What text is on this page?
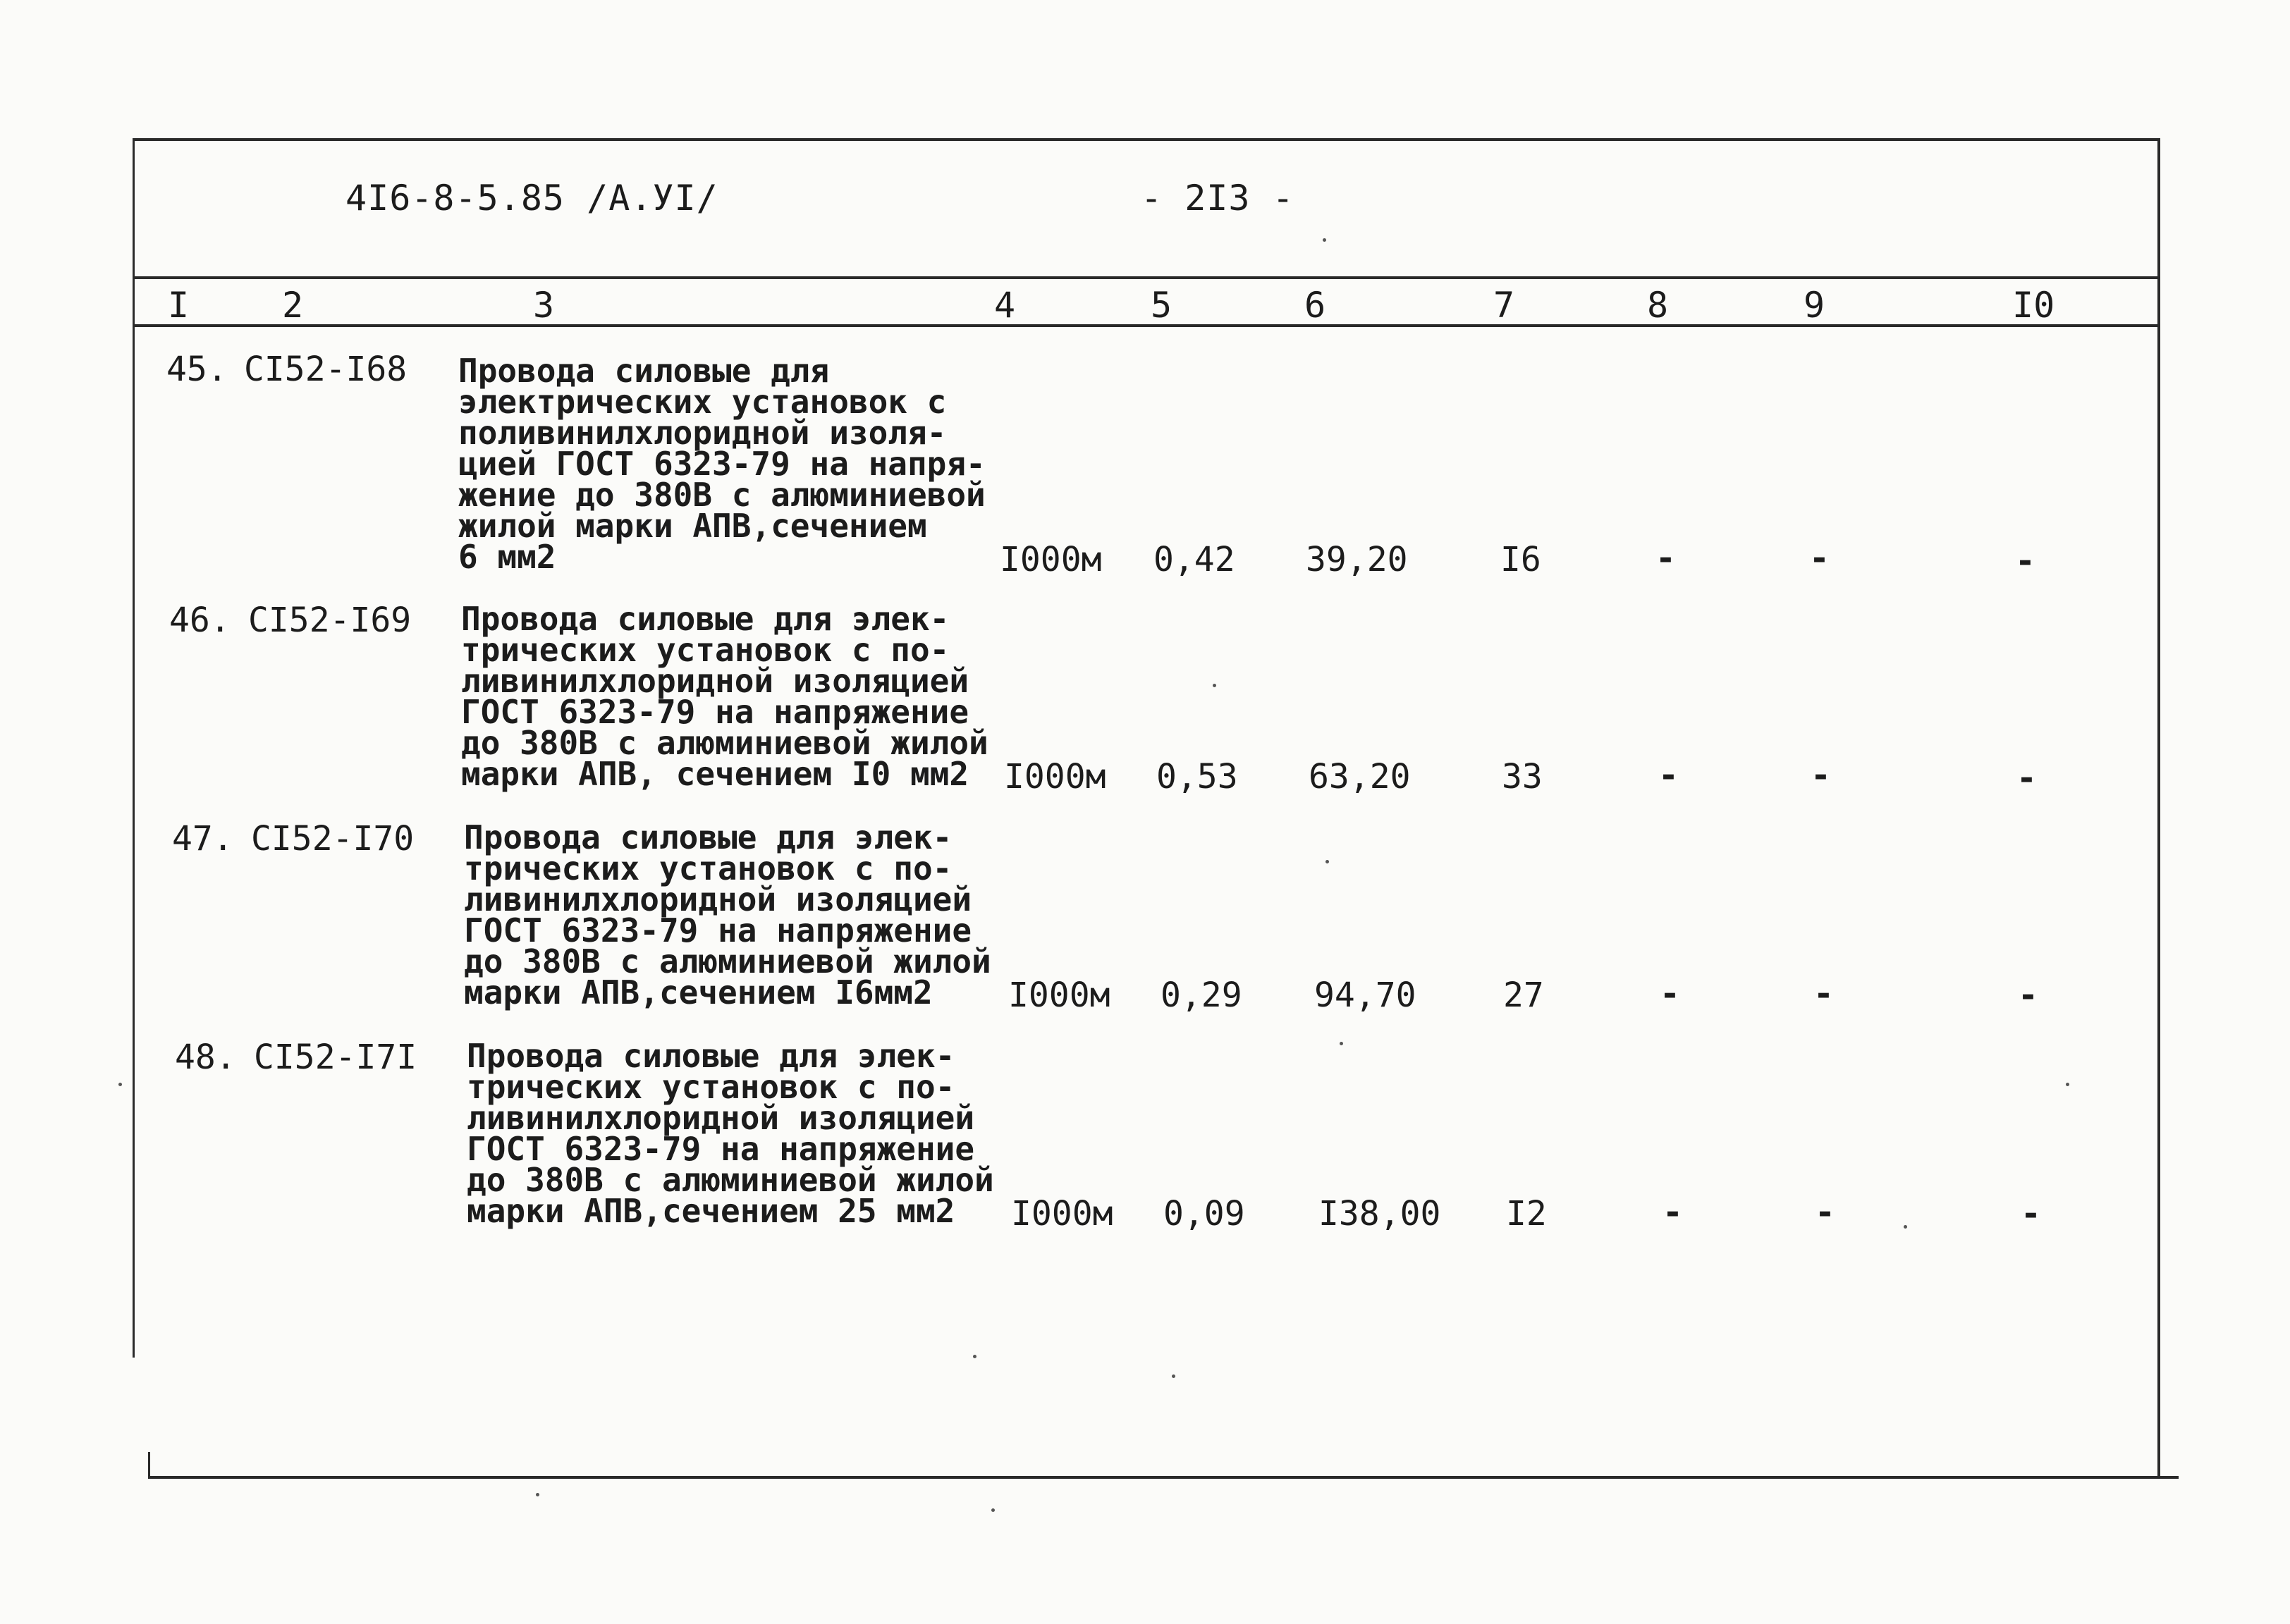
4I6-8-5.85 /А.УI/	- 2I3 -
I	2	3	4	5	6	7	8	9	I0
45. СI52-I68 Провода силовые для
электрических установок с
поливинилхлоридной изоля-
цией ГОСТ 6323-79 на напря-
жение до 380В с алюминиевой
жилой марки АПВ,сечением
6 мм2	I000м 0,42 39,20	I6	-	-	-
46. СI52-I69 Провода силовые для элек-
трических установок с по-
ливинилхлоридной изоляцией
ГОСТ 6323-79 на напряжение
до 380В с алюминиевой жилой
марки АПВ, сечением I0 мм2	I000м 0,53 63,20	33	-	-	-
47. СI52-I70 Провода силовые для элек-
трических установок с по-
ливинилхлоридной изоляцией
ГОСТ 6323-79 на напряжение
до 380В с алюминиевой жилой
марки АПВ,сечением I6мм2	I000м 0,29 94,70	27	-	-	-
48. СI52-I7I Провода силовые для элек-
трических установок с по-
ливинилхлоридной изоляцией
ГОСТ 6323-79 на напряжение
до 380В с алюминиевой жилой
марки АПВ,сечением 25 мм2	I000м 0,09 I38,00 I2	-	-	-
